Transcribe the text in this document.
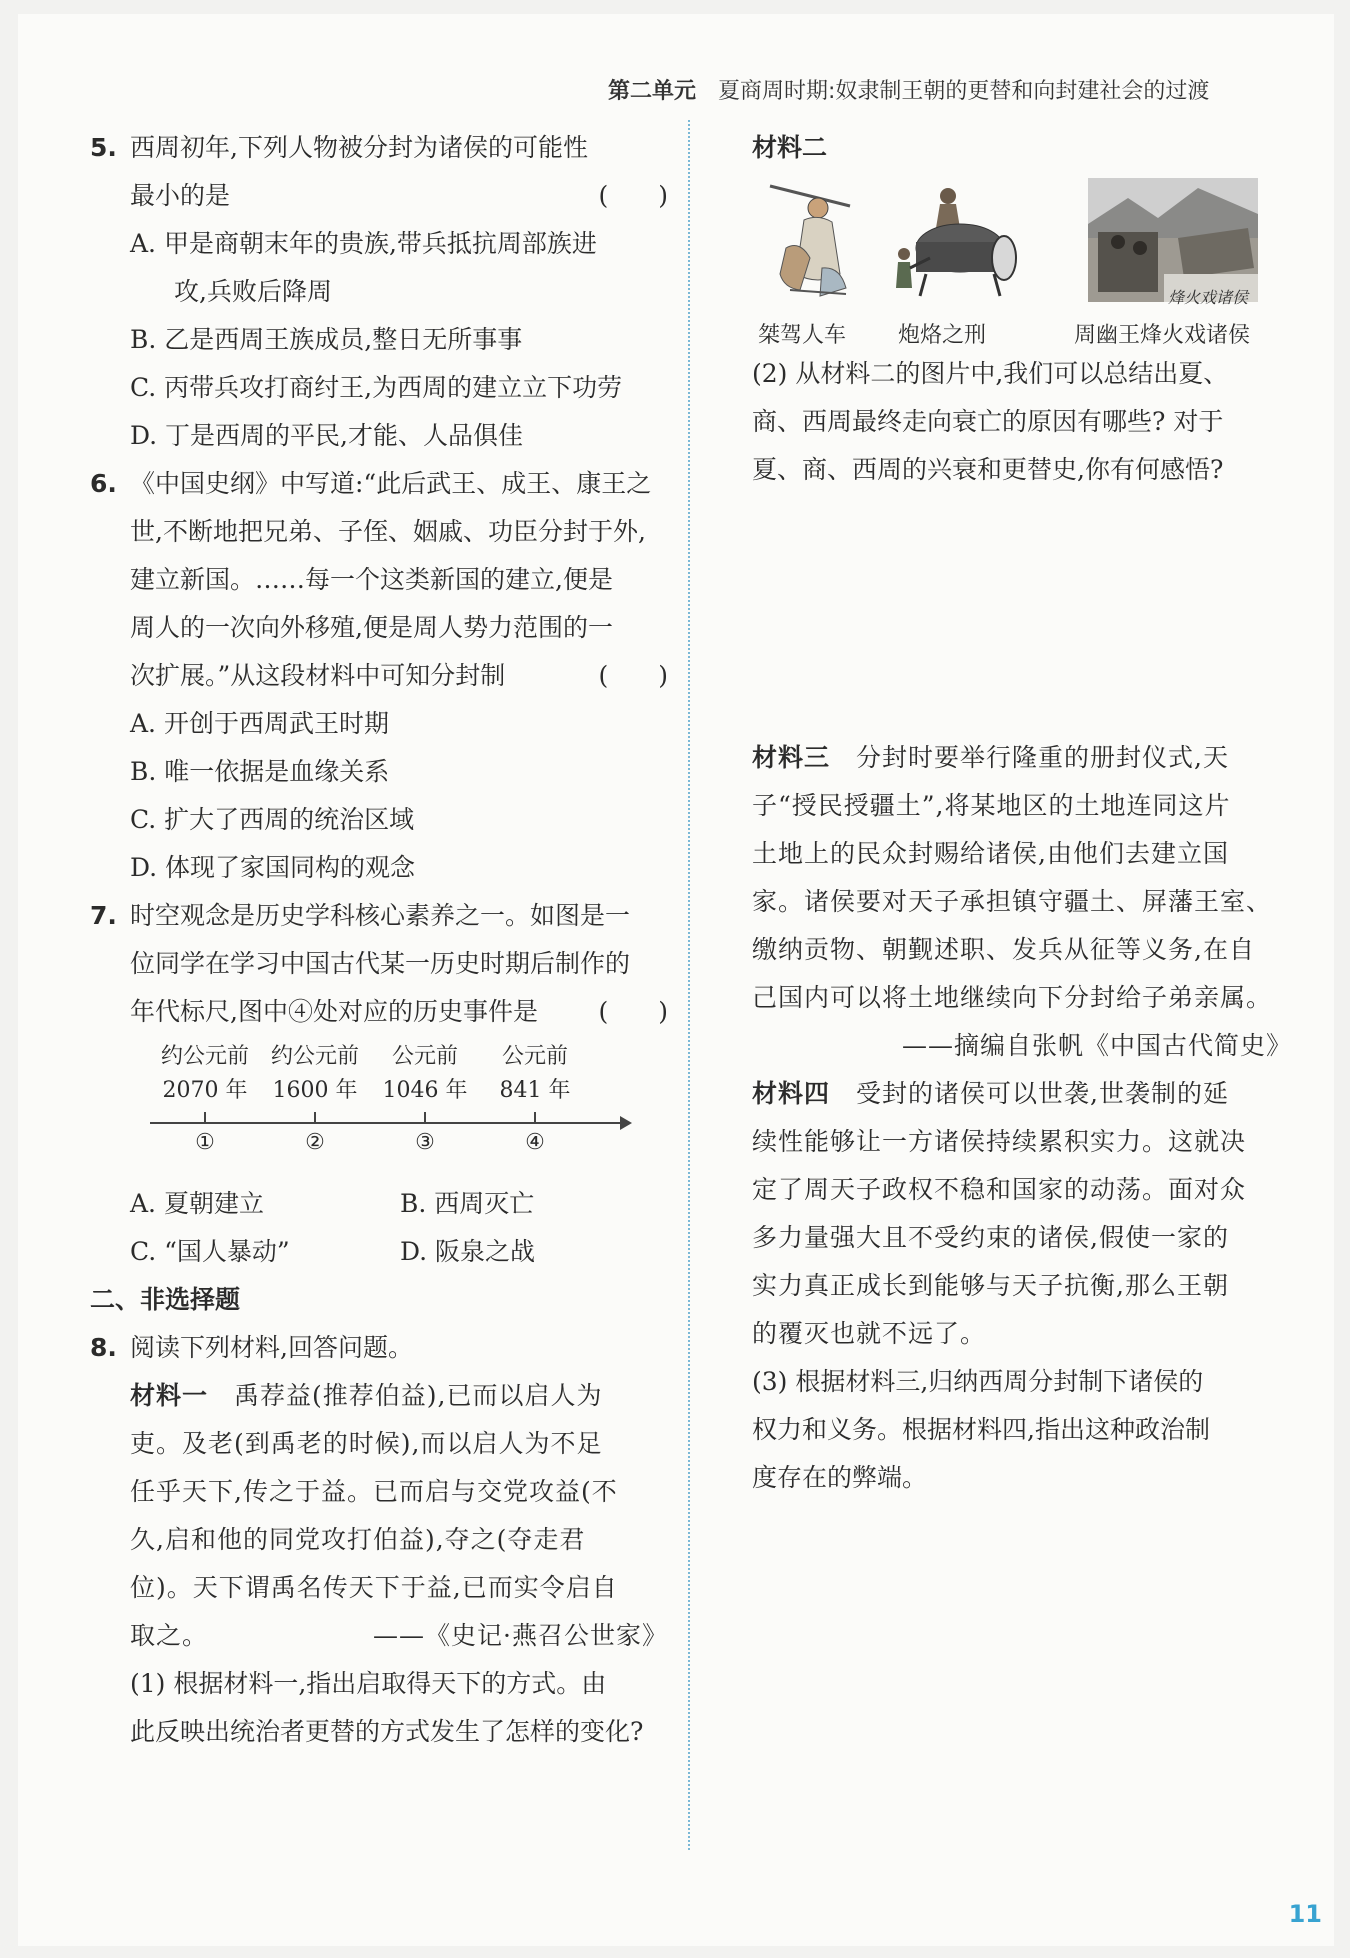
第二单元 夏商周时期:奴隶制王朝的更替和向封建社会的过渡
5. 西周初年,下列人物被分封为诸侯的可能性
最小的是	(　　)
A. 甲是商朝末年的贵族,带兵抵抗周部族进
攻,兵败后降周
B. 乙是西周王族成员,整日无所事事
C. 丙带兵攻打商纣王,为西周的建立立下功劳
D. 丁是西周的平民,才能、人品俱佳
6. 《中国史纲》中写道:“此后武王、成王、康王之
世,不断地把兄弟、子侄、姻戚、功臣分封于外,
建立新国。……每一个这类新国的建立,便是
周人的一次向外移殖,便是周人势力范围的一
次扩展。”从这段材料中可知分封制	(　　)
A. 开创于西周武王时期
B. 唯一依据是血缘关系
C. 扩大了西周的统治区域
D. 体现了家国同构的观念
7. 时空观念是历史学科核心素养之一。如图是一
位同学在学习中国古代某一历史时期后制作的
年代标尺,图中④处对应的历史事件是 (　　)
约公元前
2070 年
约公元前
1600 年
公元前
1046 年
公元前
841 年
①	②	③	④
A. 夏朝建立	B. 西周灭亡
C. “国人暴动”	D. 阪泉之战
二、非选择题
8. 阅读下列材料,回答问题。
材料一　 禹荐益(推荐伯益),已而以启人为
吏。及老(到禹老的时候),而以启人为不足
任乎天下,传之于益。已而启与交党攻益(不
久,启和他的同党攻打伯益),夺之(夺走君
位)。天下谓禹名传天下于益,已而实令启自
取之。	——《史记·燕召公世家》
(1) 根据材料一,指出启取得天下的方式。由
此反映出统治者更替的方式发生了怎样的变化?
材料二
桀驾人车 炮烙之刑
烽火戏诸侯
周幽王烽火戏诸侯
(2) 从材料二的图片中,我们可以总结出夏、
商、西周最终走向衰亡的原因有哪些? 对于
夏、商、西周的兴衰和更替史,你有何感悟?
材料三　 分封时要举行隆重的册封仪式,天
子“授民授疆土”,将某地区的土地连同这片
土地上的民众封赐给诸侯,由他们去建立国
家。诸侯要对天子承担镇守疆土、屏藩王室、
缴纳贡物、朝觐述职、发兵从征等义务,在自
己国内可以将土地继续向下分封给子弟亲属。
——摘编自张帆《中国古代简史》
材料四　 受封的诸侯可以世袭,世袭制的延
续性能够让一方诸侯持续累积实力。这就决
定了周天子政权不稳和国家的动荡。面对众
多力量强大且不受约束的诸侯,假使一家的
实力真正成长到能够与天子抗衡,那么王朝
的覆灭也就不远了。
(3) 根据材料三,归纳西周分封制下诸侯的
权力和义务。根据材料四,指出这种政治制
度存在的弊端。
11
